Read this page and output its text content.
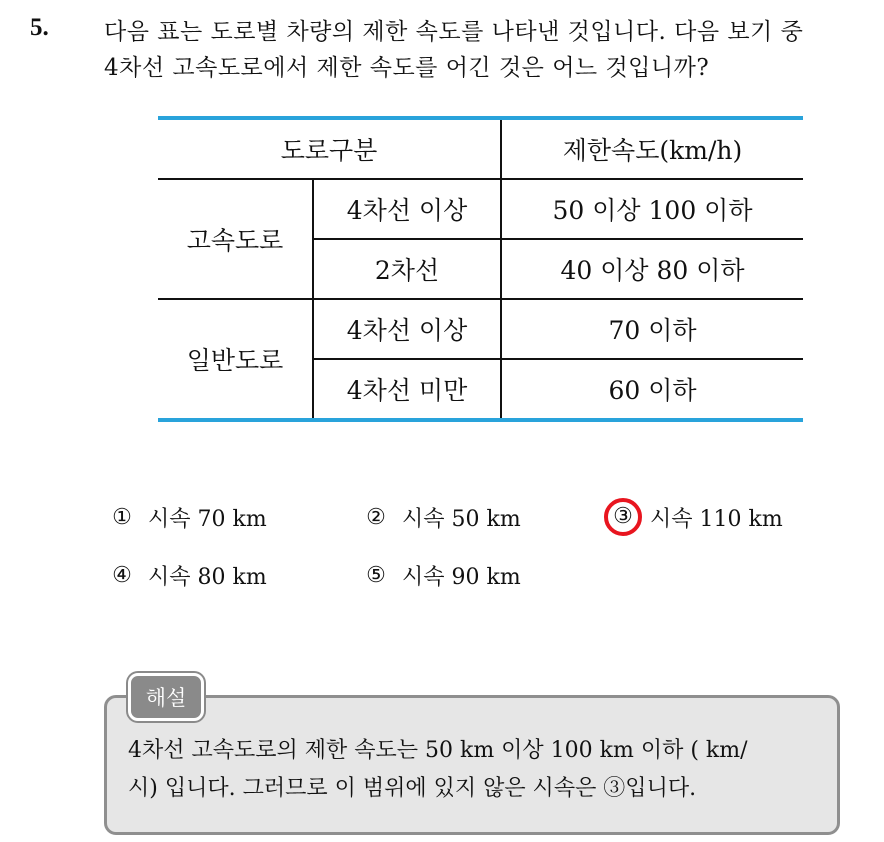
5. 다음 표는 도로별 차량의 제한 속도를 나타낸 것입니다. 다음 보기 중
4차선 고속도로에서 제한 속도를 어긴 것은 어느 것입니까?
도로구분		제한속도(km/h)
고속도로	4차선 이상	50 이상 100 이하
	2차선	40 이상 80 이하
일반도로	4차선 이상	70 이하
	4차선 미만	60 이하
① 시속 70 km	② 시속 50 km	③ 시속 110 km
④ 시속 80 km	⑤ 시속 90 km
해설
4차선 고속도로의 제한 속도는 50 km 이상 100 km 이하 ( km/
시) 입니다. 그러므로 이 범위에 있지 않은 시속은 ③입니다.
